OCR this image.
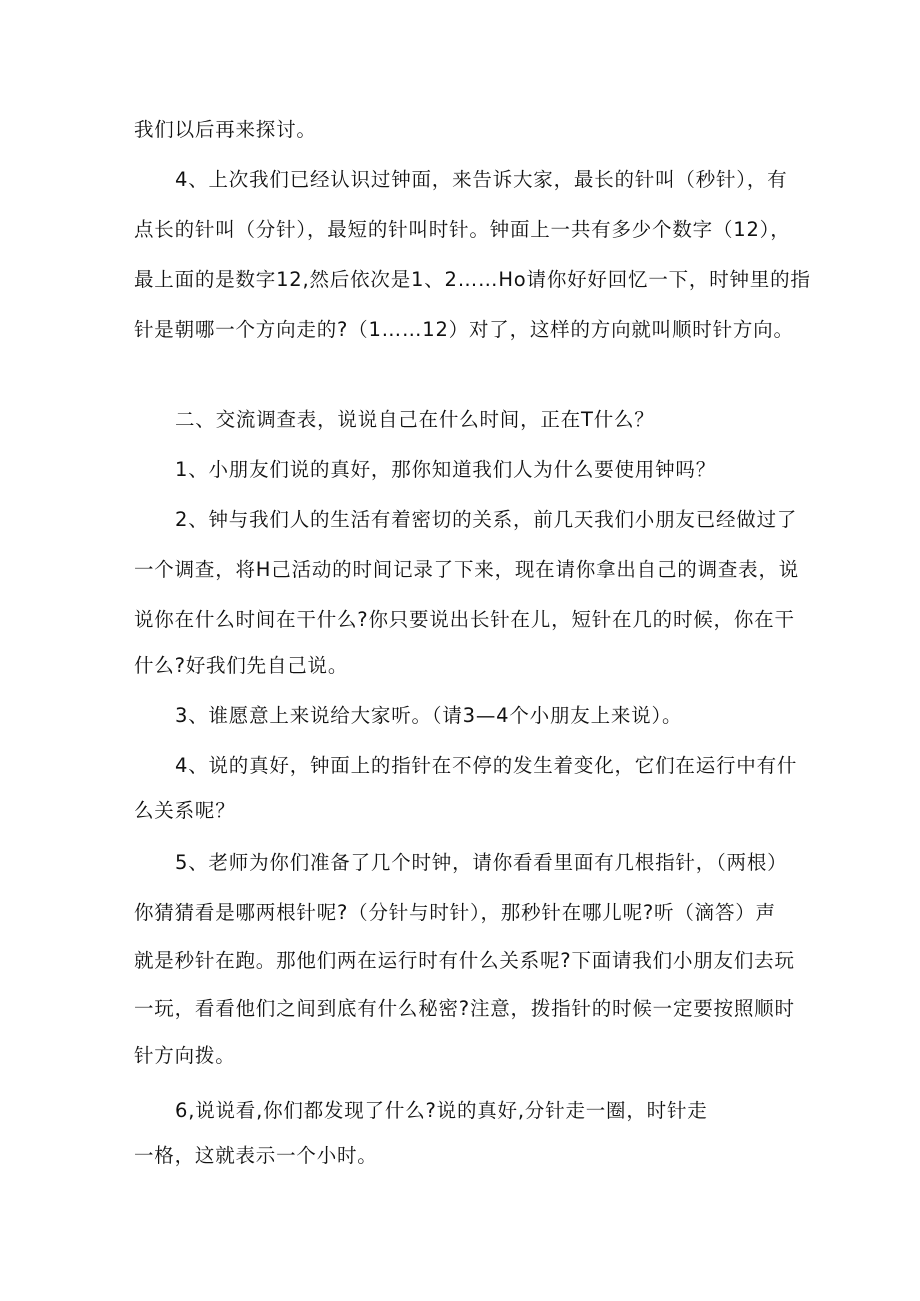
我们以后再来探讨。
4、上次我们已经认识过钟面，来告诉大家，最长的针叫（秒针），有
点长的针叫（分针），最短的针叫时针。钟面上一共有多少个数字（12），
最上面的是数字12,然后依次是1、2……Ho请你好好回忆一下，时钟里的指
针是朝哪一个方向走的?（1……12）对了，这样的方向就叫顺时针方向。
二、交流调查表，说说自己在什么时间，正在T什么？
1、小朋友们说的真好，那你知道我们人为什么要使用钟吗？
2、钟与我们人的生活有着密切的关系，前几天我们小朋友已经做过了
一个调查，将H己活动的时间记录了下来，现在请你拿出自己的调查表，说
说你在什么时间在干什么?你只要说出长针在儿，短针在几的时候，你在干
什么?好我们先自己说。
3、谁愿意上来说给大家听。（请3—4个小朋友上来说）。
4、说的真好，钟面上的指针在不停的发生着变化，它们在运行中有什
么关系呢？
5、老师为你们准备了几个时钟，请你看看里面有几根指针，（两根）
你猜猜看是哪两根针呢?（分针与时针），那秒针在哪儿呢?听（滴答）声
就是秒针在跑。那他们两在运行时有什么关系呢?下面请我们小朋友们去玩
一玩，看看他们之间到底有什么秘密?注意，拨指针的时候一定要按照顺时
针方向拨。
6,说说看,你们都发现了什么?说的真好,分针走一圈，时针走
一格，这就表示一个小时。
